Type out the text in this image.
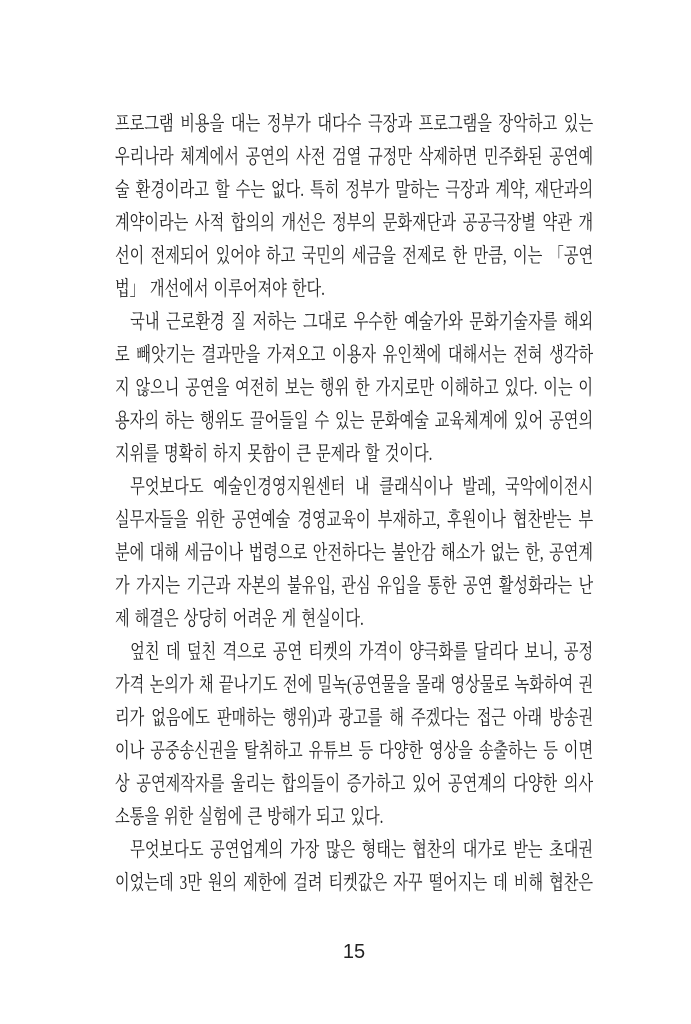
프로그램 비용을 대는 정부가 대다수 극장과 프로그램을 장악하고 있는
우리나라 체계에서 공연의 사전 검열 규정만 삭제하면 민주화된 공연예
술 환경이라고 할 수는 없다. 특히 정부가 말하는 극장과 계약, 재단과의
계약이라는 사적 합의의 개선은 정부의 문화재단과 공공극장별 약관 개
선이 전제되어 있어야 하고 국민의 세금을 전제로 한 만큼, 이는 「공연
법」 개선에서 이루어져야 한다.
국내 근로환경 질 저하는 그대로 우수한 예술가와 문화기술자를 해외
로 빼앗기는 결과만을 가져오고 이용자 유인책에 대해서는 전혀 생각하
지 않으니 공연을 여전히 보는 행위 한 가지로만 이해하고 있다. 이는 이
용자의 하는 행위도 끌어들일 수 있는 문화예술 교육체계에 있어 공연의
지위를 명확히 하지 못함이 큰 문제라 할 것이다.
무엇보다도 예술인경영지원센터 내 클래식이나 발레, 국악에이전시
실무자들을 위한 공연예술 경영교육이 부재하고, 후원이나 협찬받는 부
분에 대해 세금이나 법령으로 안전하다는 불안감 해소가 없는 한, 공연계
가 가지는 기근과 자본의 불유입, 관심 유입을 통한 공연 활성화라는 난
제 해결은 상당히 어려운 게 현실이다.
엎친 데 덮친 격으로 공연 티켓의 가격이 양극화를 달리다 보니, 공정
가격 논의가 채 끝나기도 전에 밀녹(공연물을 몰래 영상물로 녹화하여 권
리가 없음에도 판매하는 행위)과 광고를 해 주겠다는 접근 아래 방송권
이나 공중송신권을 탈취하고 유튜브 등 다양한 영상을 송출하는 등 이면
상 공연제작자를 울리는 합의들이 증가하고 있어 공연계의 다양한 의사
소통을 위한 실험에 큰 방해가 되고 있다.
무엇보다도 공연업계의 가장 많은 형태는 협찬의 대가로 받는 초대권
이었는데 3만 원의 제한에 걸려 티켓값은 자꾸 떨어지는 데 비해 협찬은
15
